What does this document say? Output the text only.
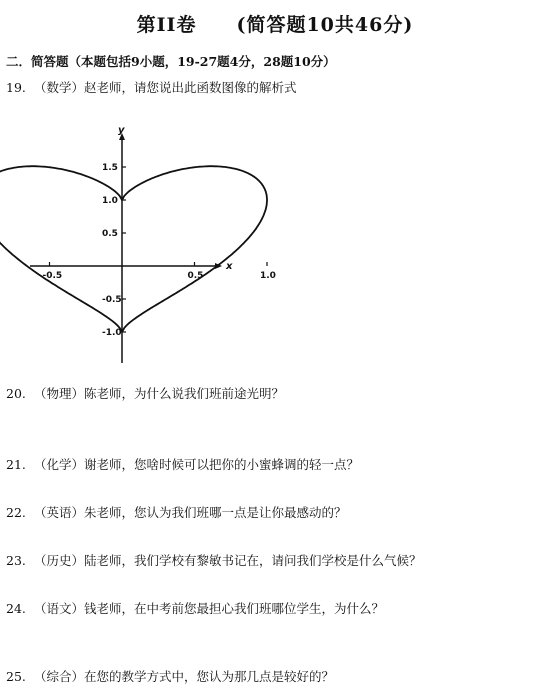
第II卷 (简答题10共46分)
二．简答题（本题包括9小题，19-27题4分，28题10分）
19. （数学）赵老师，请您说出此函数图像的解析式
x
y
-0.5	0.5	1.0
1.5
1.0
0.5
-0.5
-1.0
20. （物理）陈老师，为什么说我们班前途光明？
21. （化学）谢老师，您啥时候可以把你的小蜜蜂调的轻一点？
22. （英语）朱老师，您认为我们班哪一点是让你最感动的？
23. （历史）陆老师，我们学校有黎敏书记在，请问我们学校是什么气候？
24. （语文）钱老师，在中考前您最担心我们班哪位学生，为什么？
25. （综合）在您的教学方式中，您认为那几点是较好的？
